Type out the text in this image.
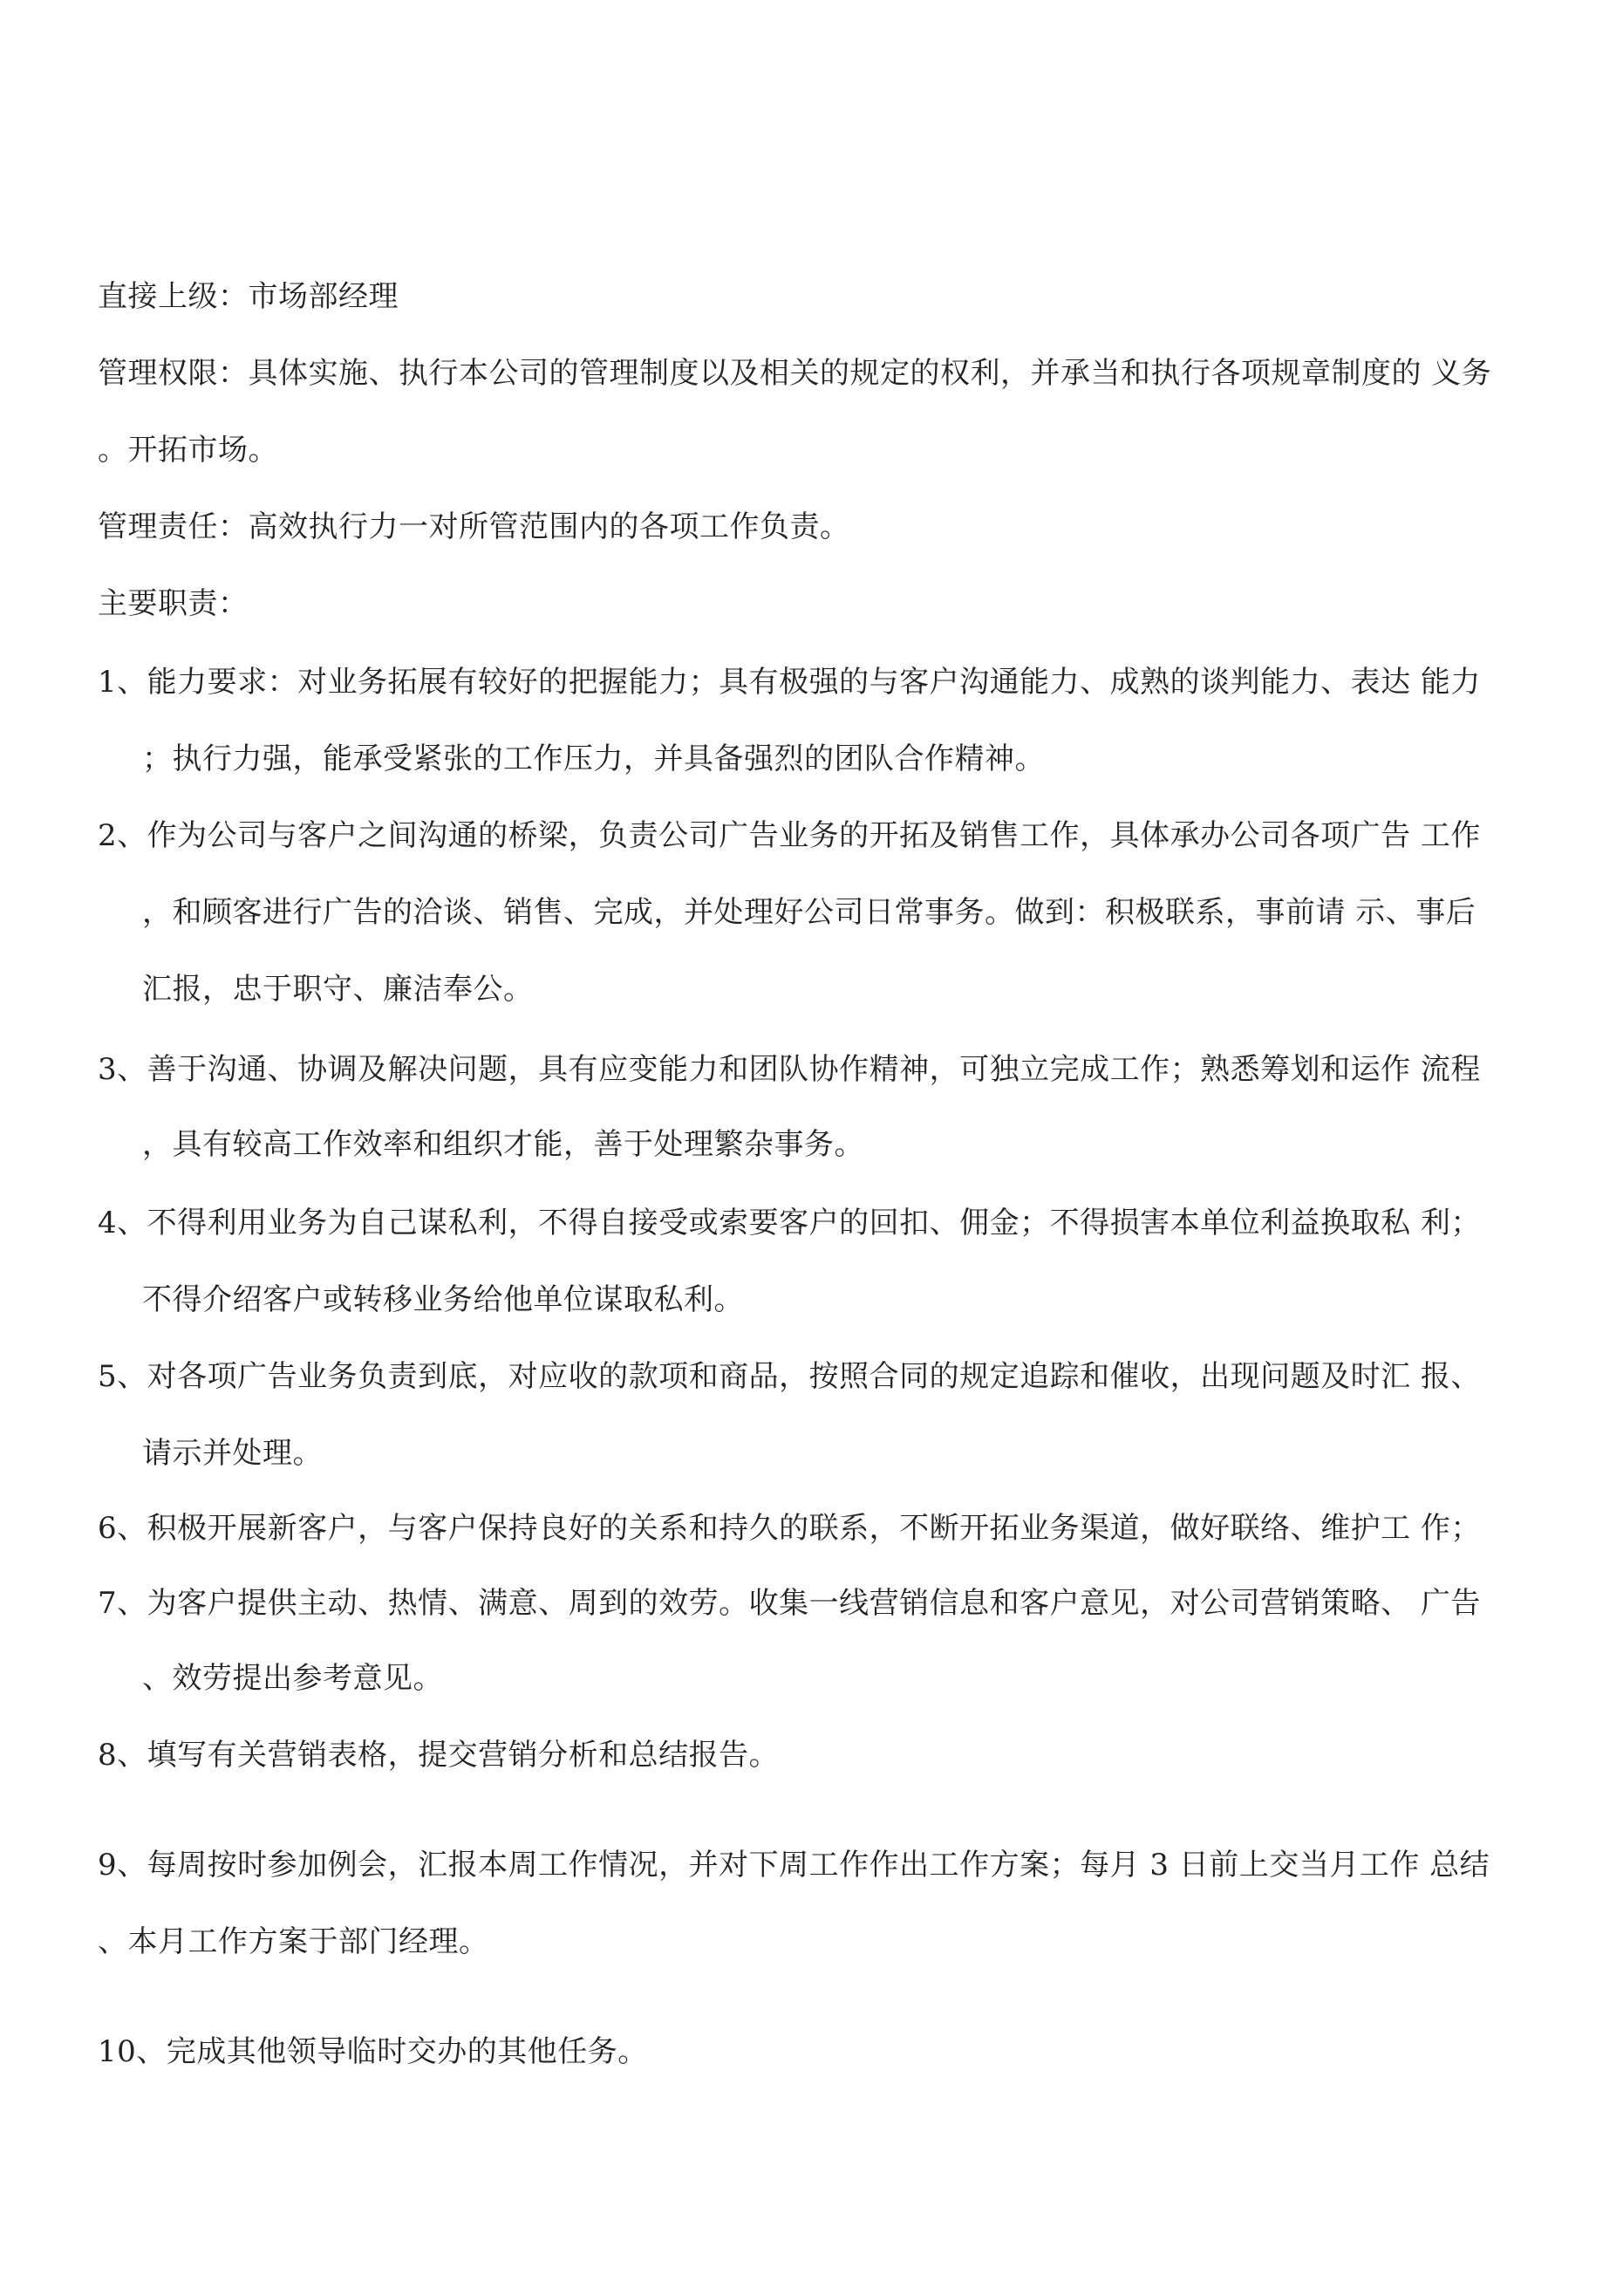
直接上级：市场部经理
管理权限：具体实施、执行本公司的管理制度以及相关的规定的权利，并承当和执行各项规章制度的 义务
。开拓市场。
管理责任：高效执行力一对所管范围内的各项工作负责。
主要职责：
1、能力要求：对业务拓展有较好的把握能力；具有极强的与客户沟通能力、成熟的谈判能力、表达 能力
；执行力强，能承受紧张的工作压力，并具备强烈的团队合作精神。
2、作为公司与客户之间沟通的桥梁，负责公司广告业务的开拓及销售工作，具体承办公司各项广告 工作
，和顾客进行广告的洽谈、销售、完成，并处理好公司日常事务。做到：积极联系，事前请 示、事后
汇报，忠于职守、廉洁奉公。
3、善于沟通、协调及解决问题，具有应变能力和团队协作精神，可独立完成工作；熟悉筹划和运作 流程
，具有较高工作效率和组织才能，善于处理繁杂事务。
4、不得利用业务为自己谋私利，不得自接受或索要客户的回扣、佣金；不得损害本单位利益换取私 利；
不得介绍客户或转移业务给他单位谋取私利。
5、对各项广告业务负责到底，对应收的款项和商品，按照合同的规定追踪和催收，出现问题及时汇 报、
请示并处理。
6、积极开展新客户，与客户保持良好的关系和持久的联系，不断开拓业务渠道，做好联络、维护工 作；
7、为客户提供主动、热情、满意、周到的效劳。收集一线营销信息和客户意见，对公司营销策略、 广告
、效劳提出参考意见。
8、填写有关营销表格，提交营销分析和总结报告。
9、每周按时参加例会，汇报本周工作情况，并对下周工作作出工作方案；每月 3 日前上交当月工作 总结
、本月工作方案于部门经理。
10、完成其他领导临时交办的其他任务。
